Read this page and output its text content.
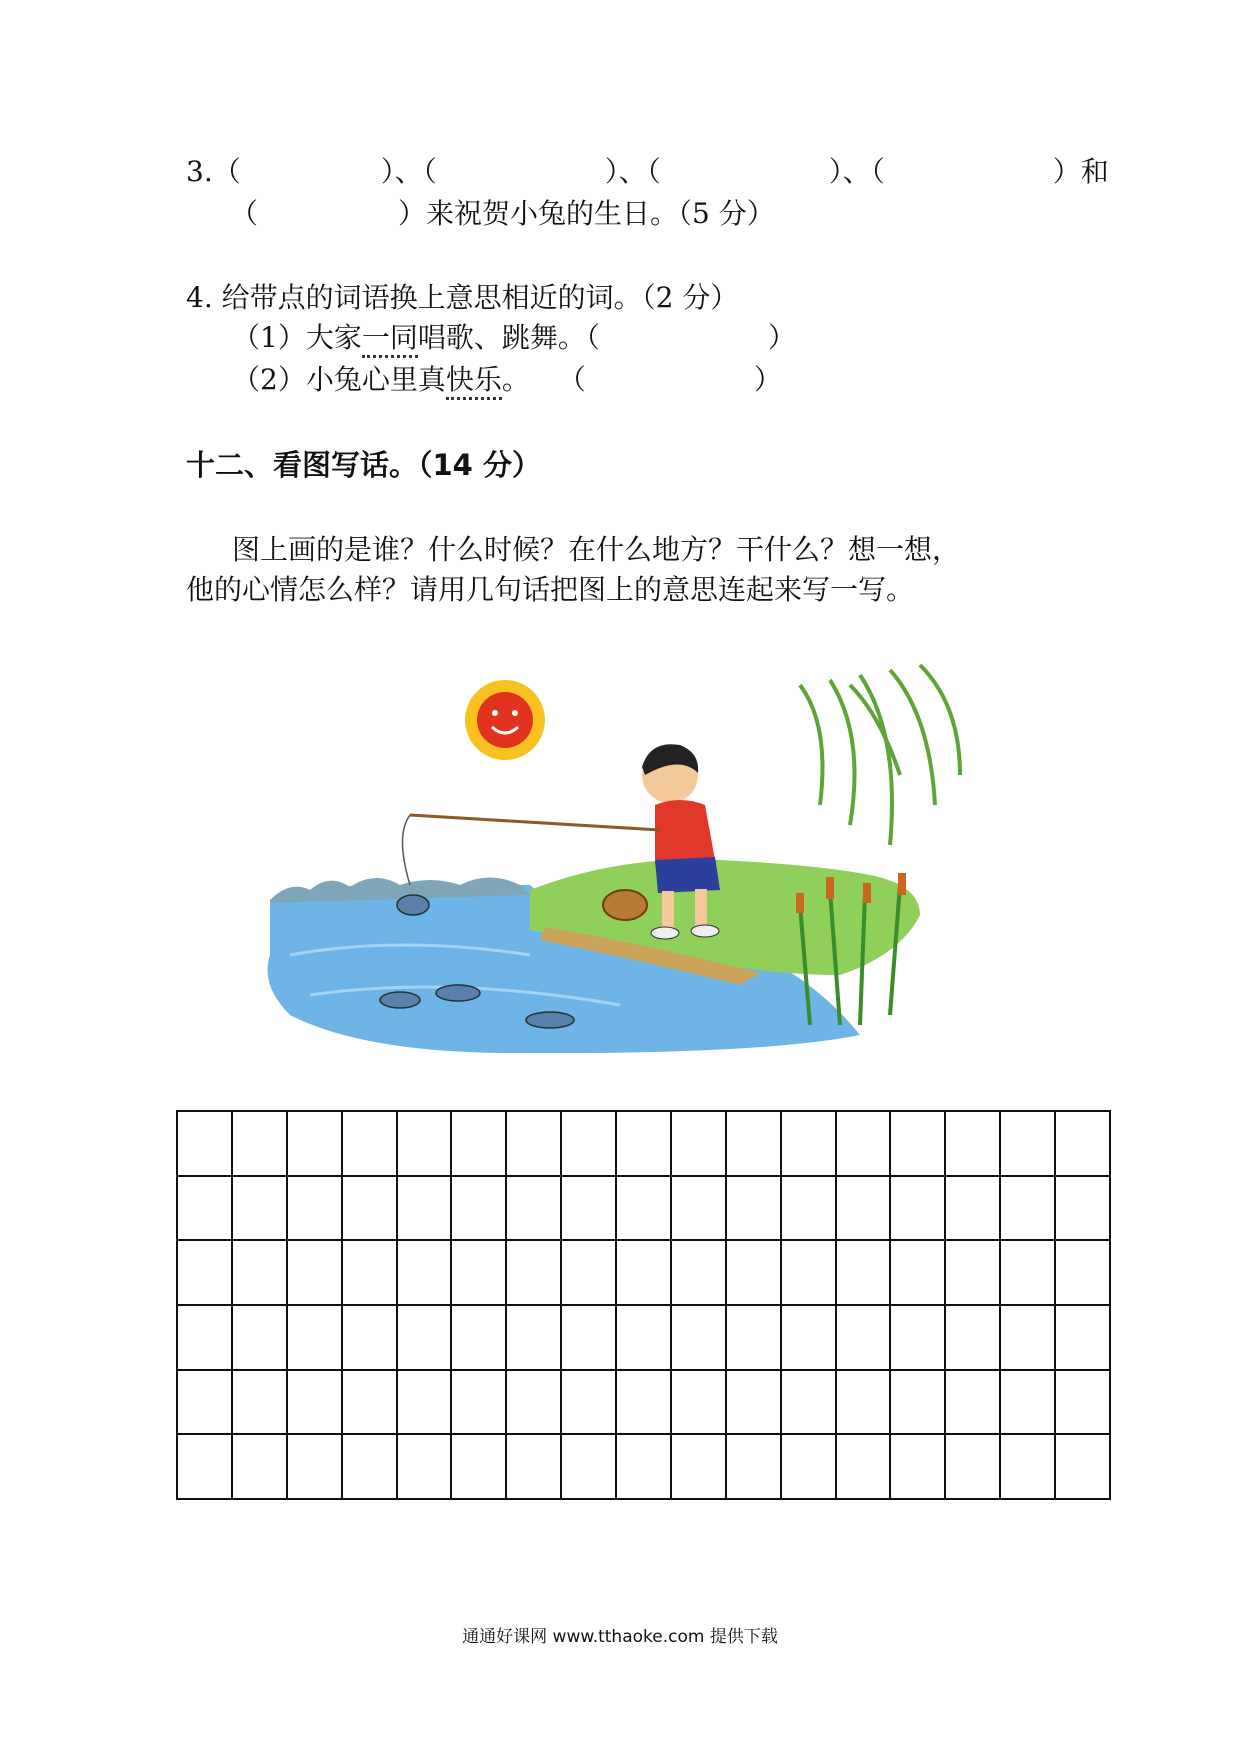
3.（　　　　　）、（　　　　　　）、（　　　　　　）、（　　　　　　）和
（　　　　　）来祝贺小兔的生日。（5 分）
4. 给带点的词语换上意思相近的词。（2 分）
（1）大家一同唱歌、跳舞。（　　　　　　）
（2）小兔心里真快乐。　　（　　　　　　）
十二、看图写话。（14 分）
图上画的是谁？什么时候？在什么地方？干什么？想一想，
他的心情怎么样？请用几句话把图上的意思连起来写一写。

通通好课网 www.tthaoke.com 提供下载
